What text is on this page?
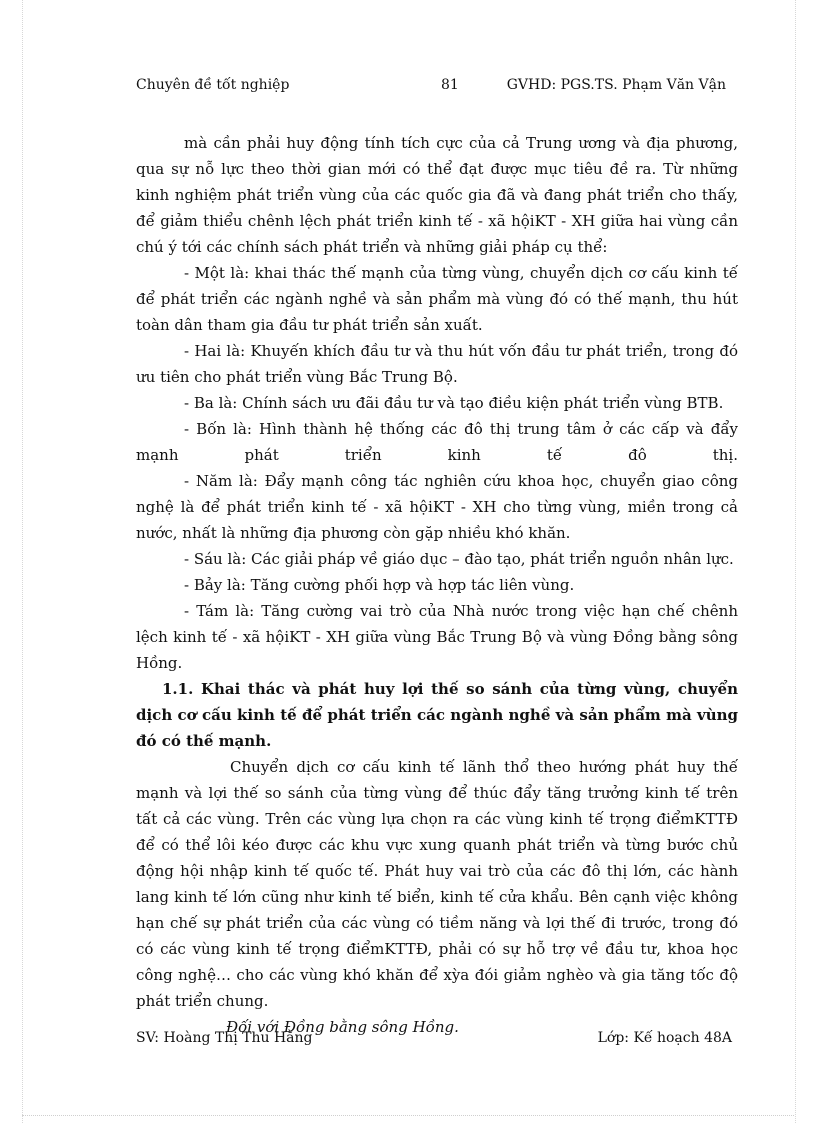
Chuyên đề tốt nghiệp	81	GVHD: PGS.TS. Phạm Văn Vận

mà cần phải huy động tính tích cực của cả Trung ương và địa phương, qua sự nỗ lực theo thời gian mới có thể đạt được mục tiêu đề ra. Từ những kinh nghiệm phát triển vùng của các quốc gia đã và đang phát triển cho thấy, để giảm thiểu chênh lệch phát triển kinh tế - xã hộiKT - XH giữa hai vùng cần chú ý tới các chính sách phát triển và những giải pháp cụ thể:

- Một là: khai thác thế mạnh của từng vùng, chuyển dịch cơ cấu kinh tế để phát triển các ngành nghề và sản phẩm mà vùng đó có thế mạnh, thu hút toàn dân tham gia đầu tư phát triển sản xuất.

- Hai là: Khuyến khích đầu tư và thu hút vốn đầu tư phát triển, trong đó ưu tiên cho phát triển vùng Bắc Trung Bộ.

- Ba là: Chính sách ưu đãi đầu tư và tạo điều kiện phát triển vùng BTB.

- Bốn là: Hình thành hệ thống các đô thị trung tâm ở các cấp và đẩy mạnh phát triển kinh tế đô thị.

- Năm là: Đẩy mạnh công tác nghiên cứu khoa học, chuyển giao công nghệ là để phát triển kinh tế - xã hộiKT - XH cho từng vùng, miền trong cả nước, nhất là những địa phương còn gặp nhiều khó khăn.

- Sáu là: Các giải pháp về giáo dục – đào tạo, phát triển nguồn nhân lực.

- Bảy là: Tăng cường phối hợp và hợp tác liên vùng.

- Tám là: Tăng cường vai trò của Nhà nước trong việc hạn chế chênh lệch kinh tế - xã hộiKT - XH giữa vùng Bắc Trung Bộ và vùng Đồng bằng sông Hồng.

1.1. Khai thác và phát huy lợi thế so sánh của từng vùng, chuyển dịch cơ cấu kinh tế để phát triển các ngành nghề và sản phẩm mà vùng đó có thế mạnh.

Chuyển dịch cơ cấu kinh tế lãnh thổ theo hướng phát huy thế mạnh và lợi thế so sánh của từng vùng để thúc đẩy tăng trưởng kinh tế trên tất cả các vùng. Trên các vùng lựa chọn ra các vùng kinh tế trọng điểmKTTĐ để có thể lôi kéo được các khu vực xung quanh phát triển và từng bước chủ động hội nhập kinh tế quốc tế. Phát huy vai trò của các đô thị lớn, các hành lang kinh tế lớn cũng như kinh tế biển, kinh tế cửa khẩu. Bên cạnh việc không hạn chế sự phát triển của các vùng có tiềm năng và lợi thế đi trước, trong đó có các vùng kinh tế trọng điểmKTTĐ, phải có sự hỗ trợ về đầu tư, khoa học công nghệ… cho các vùng khó khăn để xỳa đói giảm nghèo và gia tăng tốc độ phát triển chung.

Đối với Đồng bằng sông Hồng.

SV: Hoàng Thị Thu Hằng	Lớp: Kế hoạch 48A
